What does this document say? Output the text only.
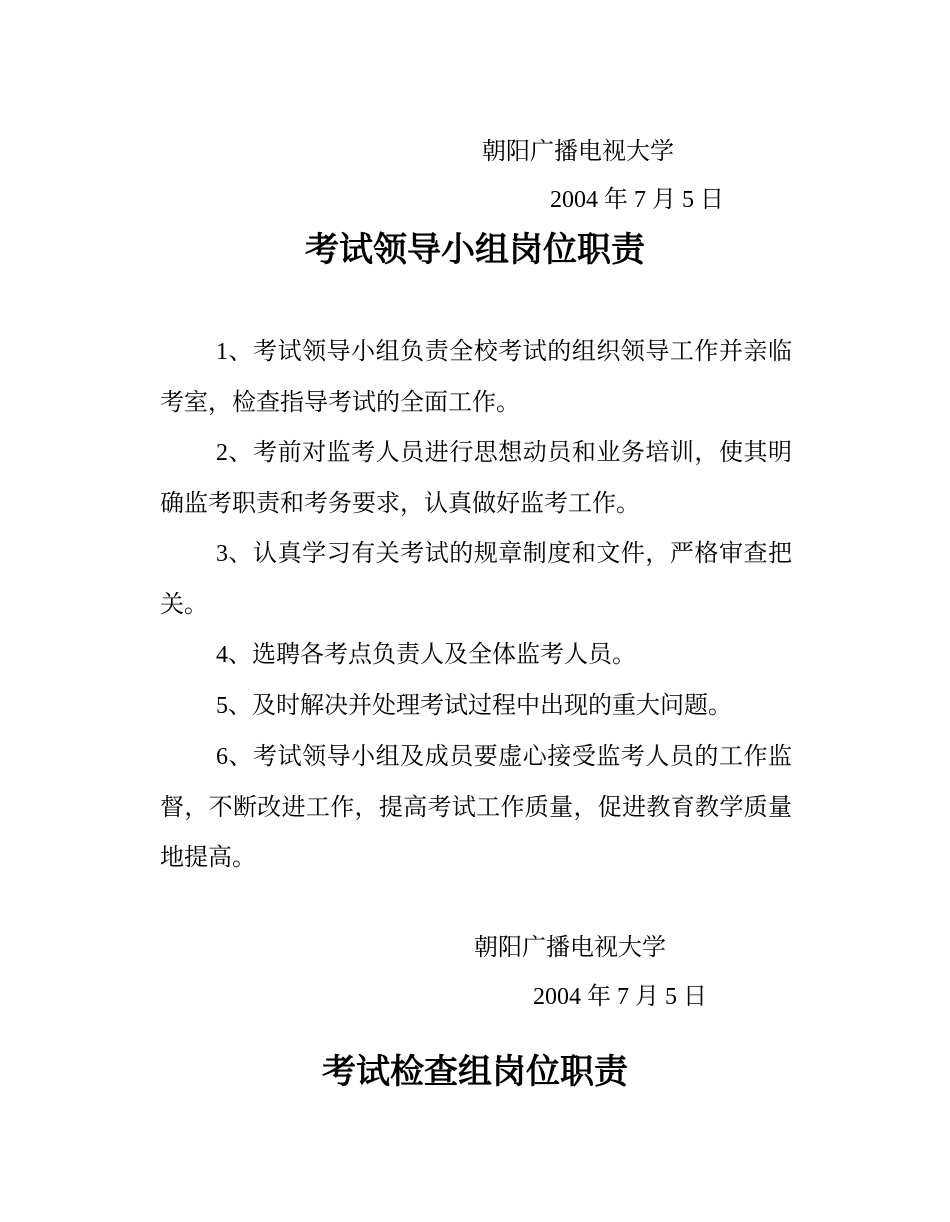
朝阳广播电视大学
2004 年 7 月 5 日
考试领导小组岗位职责

1、考试领导小组负责全校考试的组织领导工作并亲临考室，检查指导考试的全面工作。

2、考前对监考人员进行思想动员和业务培训，使其明确监考职责和考务要求，认真做好监考工作。

3、认真学习有关考试的规章制度和文件，严格审查把关。

4、选聘各考点负责人及全体监考人员。

5、及时解决并处理考试过程中出现的重大问题。

6、考试领导小组及成员要虚心接受监考人员的工作监督，不断改进工作，提高考试工作质量，促进教育教学质量地提高。

朝阳广播电视大学
2004 年 7 月 5 日
考试检查组岗位职责
